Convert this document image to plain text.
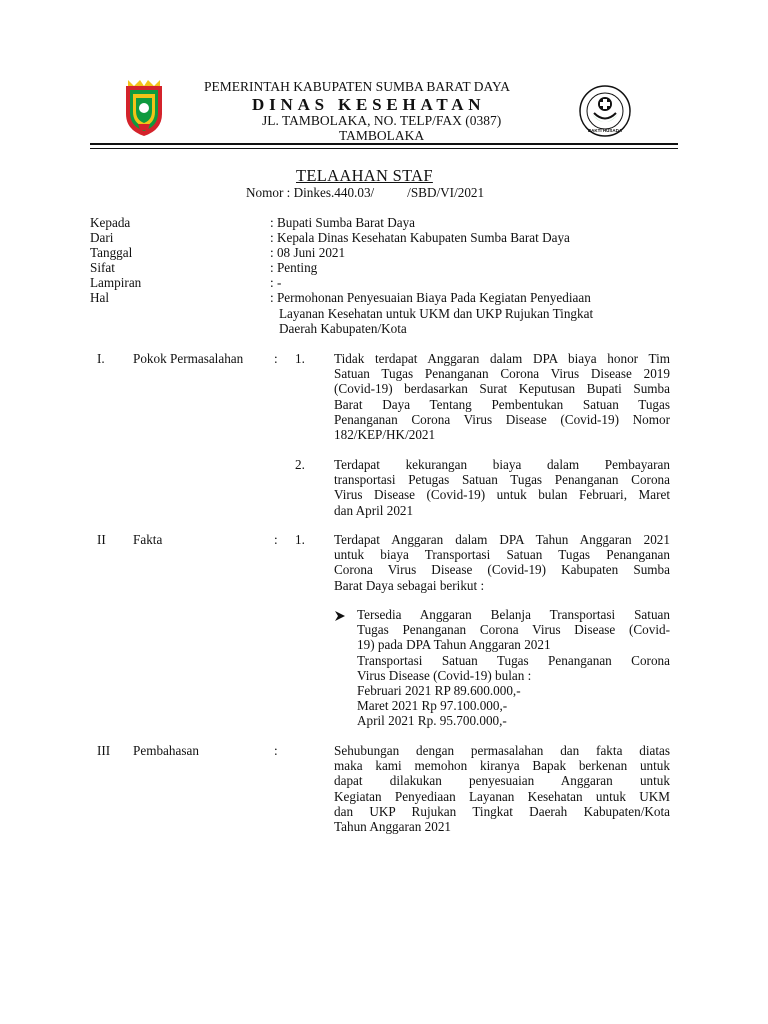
BAKTI HUSADA
PEMERINTAH KABUPATEN SUMBA BARAT DAYA
DINAS KESEHATAN
JL. TAMBOLAKA, NO. TELP/FAX (0387)
TAMBOLAKA
TELAAHAN STAF
Nomor : Dinkes.440.03/          /SBD/VI/2021
Kepada	: Bupati Sumba Barat Daya
Dari	: Kepala Dinas Kesehatan Kabupaten Sumba Barat Daya
Tanggal	: 08 Juni 2021
Sifat	: Penting
Lampiran	: -
Hal	: Permohonan Penyesuaian Biaya Pada Kegiatan Penyediaan
Layanan Kesehatan untuk UKM dan UKP Rujukan Tingkat
Daerah Kabupaten/Kota
I. Pokok Permasalahan : 1. Tidak terdapat Anggaran dalam DPA biaya honor Tim
Satuan Tugas Penanganan Corona Virus Disease 2019
(Covid-19) berdasarkan Surat Keputusan Bupati Sumba
Barat Daya Tentang Pembentukan Satuan Tugas
Penanganan Corona Virus Disease (Covid-19) Nomor
182/KEP/HK/2021
2. Terdapat kekurangan biaya dalam Pembayaran
transportasi Petugas Satuan Tugas Penanganan Corona
Virus Disease (Covid-19) untuk bulan Februari, Maret
dan April 2021
II Fakta	: 1. Terdapat Anggaran dalam DPA Tahun Anggaran 2021
untuk biaya Transportasi Satuan Tugas Penanganan
Corona Virus Disease (Covid-19) Kabupaten Sumba
Barat Daya sebagai berikut :
Tersedia Anggaran Belanja Transportasi Satuan
Tugas Penanganan Corona Virus Disease (Covid-
19) pada DPA Tahun Anggaran 2021
Transportasi Satuan Tugas Penanganan Corona
Virus Disease (Covid-19) bulan :
Februari 2021 RP 89.600.000,-
Maret 2021 Rp 97.100.000,-
April 2021 Rp. 95.700.000,-
III Pembahasan	:	Sehubungan dengan permasalahan dan fakta diatas
maka kami memohon kiranya Bapak berkenan untuk
dapat dilakukan penyesuaian Anggaran untuk
Kegiatan Penyediaan Layanan Kesehatan untuk UKM
dan UKP Rujukan Tingkat Daerah Kabupaten/Kota
Tahun Anggaran 2021
